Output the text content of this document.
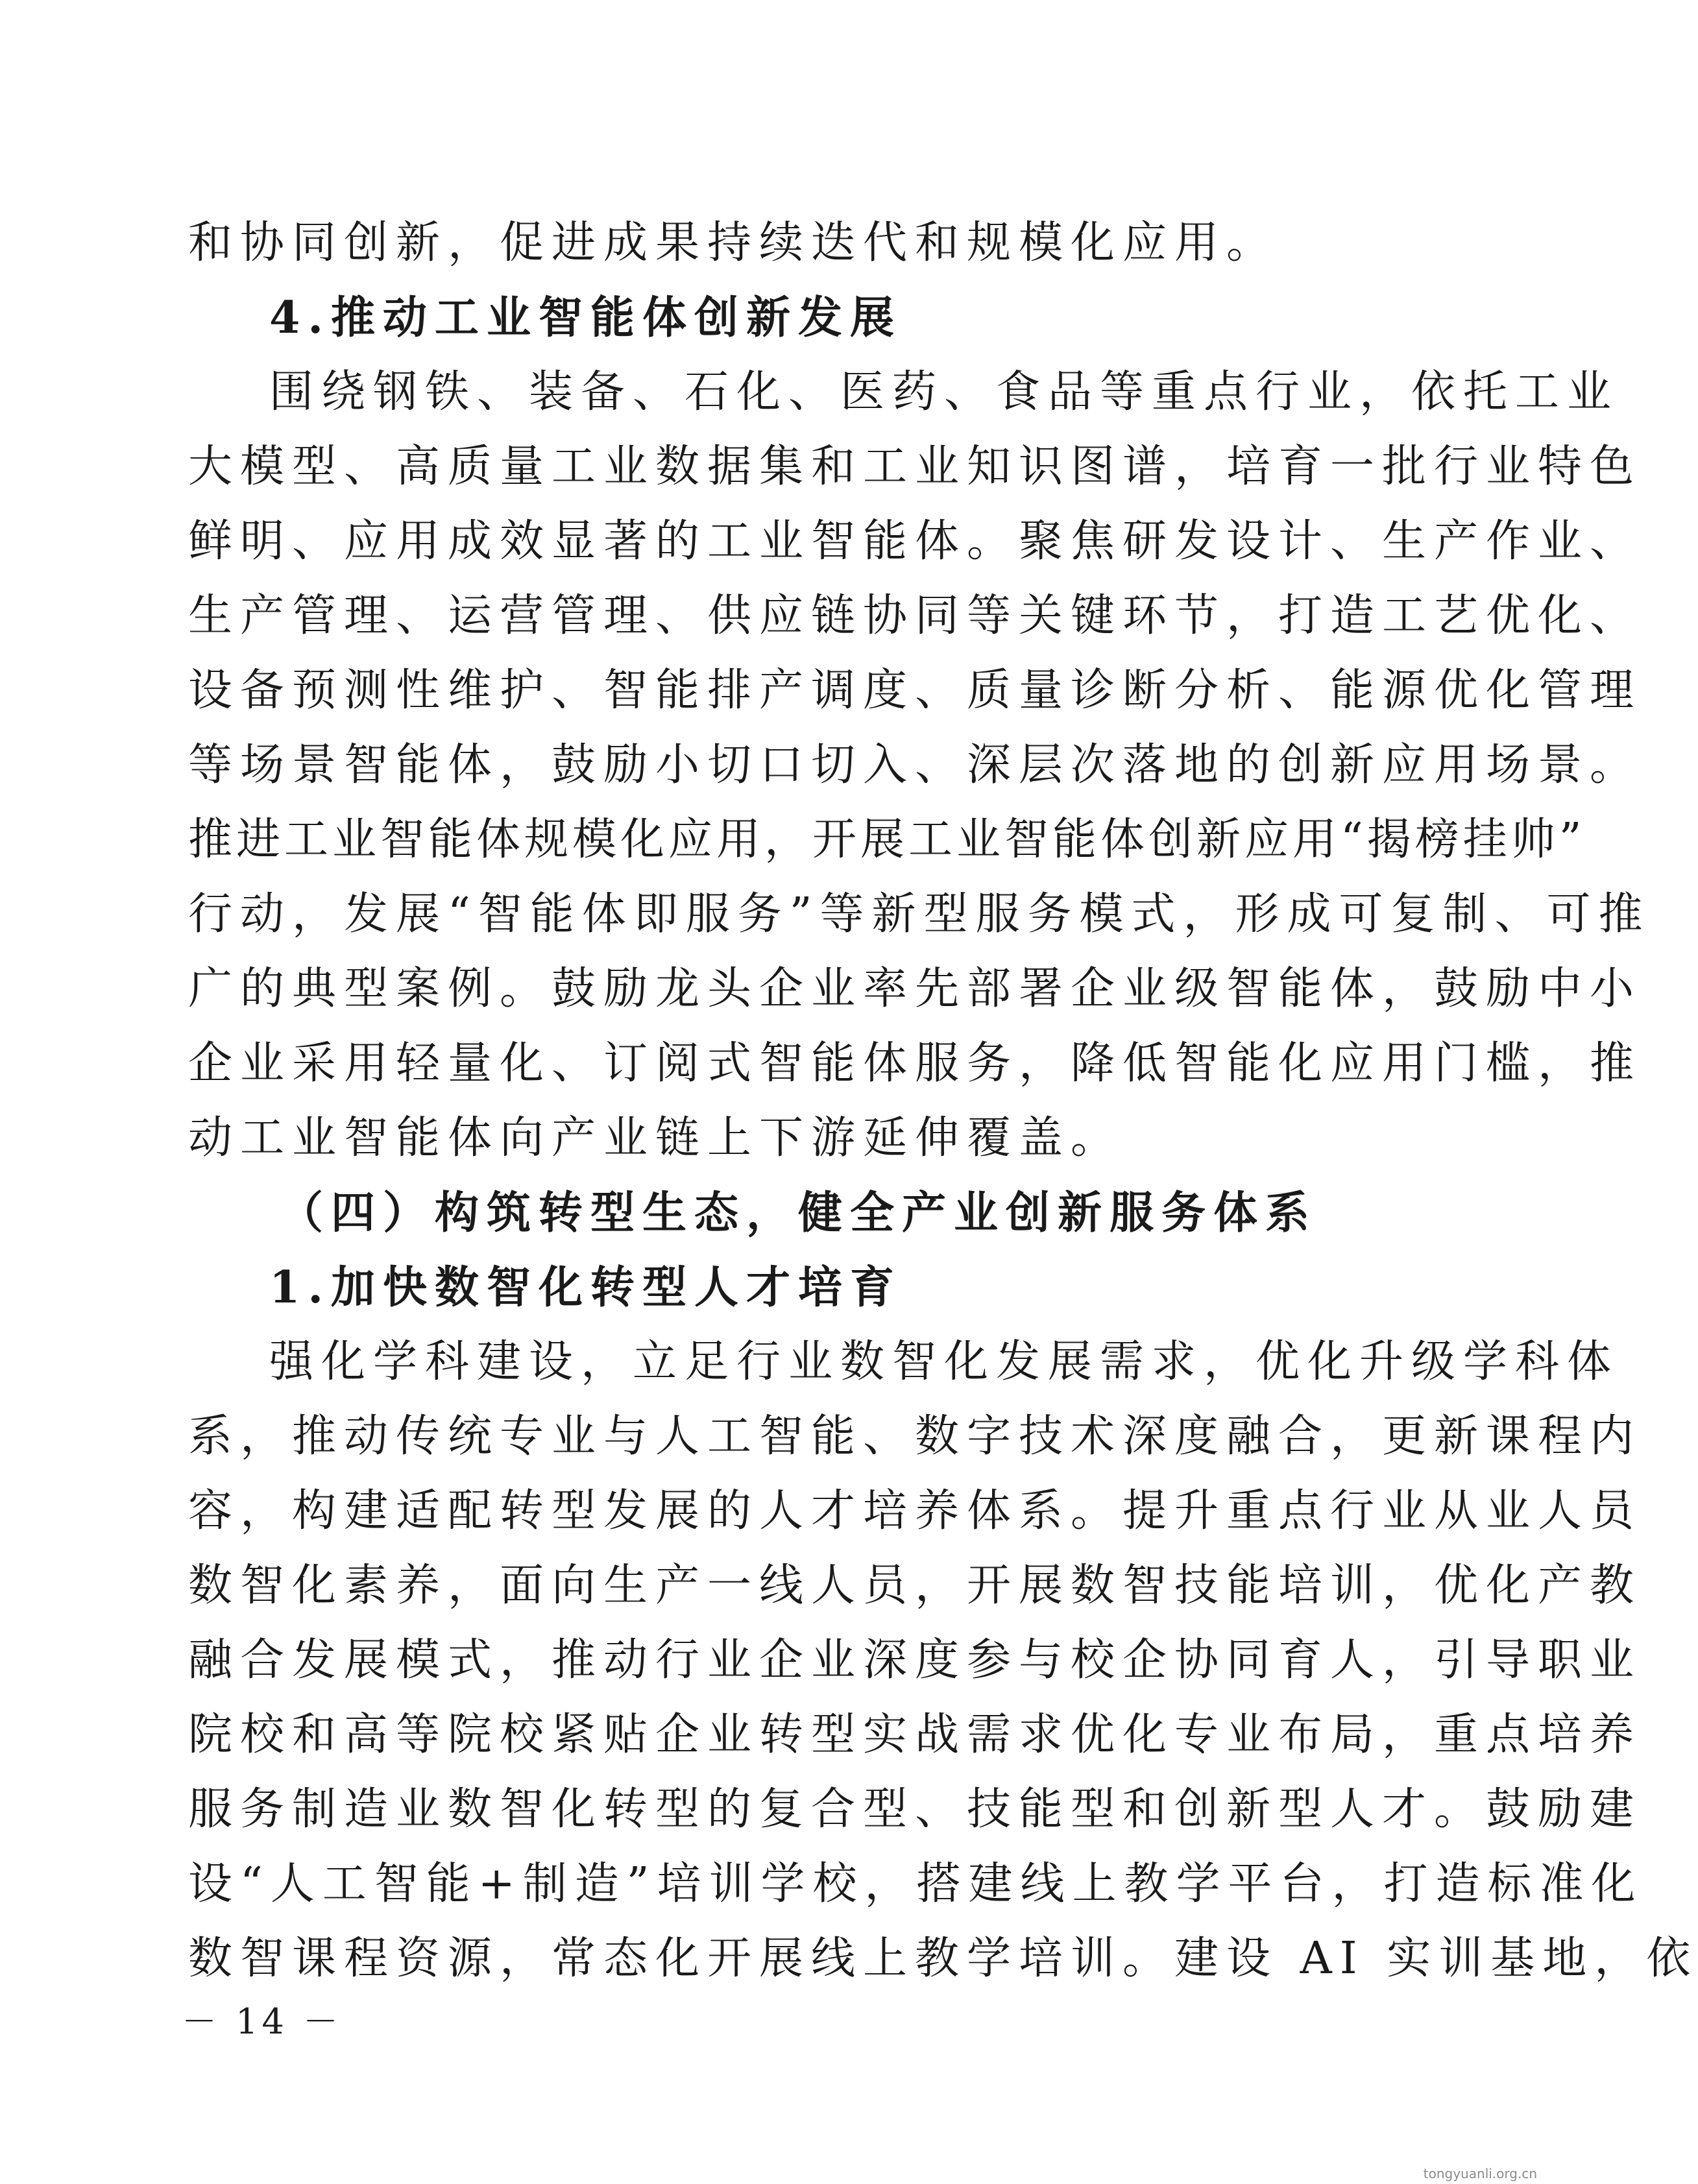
和协同创新，促进成果持续迭代和规模化应用。
4.推动工业智能体创新发展
围绕钢铁、装备、石化、医药、食品等重点行业，依托工业
大模型、高质量工业数据集和工业知识图谱，培育一批行业特色
鲜明、应用成效显著的工业智能体。聚焦研发设计、生产作业、
生产管理、运营管理、供应链协同等关键环节，打造工艺优化、
设备预测性维护、智能排产调度、质量诊断分析、能源优化管理
等场景智能体，鼓励小切口切入、深层次落地的创新应用场景。
推进工业智能体规模化应用，开展工业智能体创新应用“揭榜挂帅”
行动，发展“智能体即服务”等新型服务模式，形成可复制、可推
广的典型案例。鼓励龙头企业率先部署企业级智能体，鼓励中小
企业采用轻量化、订阅式智能体服务，降低智能化应用门槛，推
动工业智能体向产业链上下游延伸覆盖。
（四）构筑转型生态，健全产业创新服务体系
1.加快数智化转型人才培育
强化学科建设，立足行业数智化发展需求，优化升级学科体
系，推动传统专业与人工智能、数字技术深度融合，更新课程内
容，构建适配转型发展的人才培养体系。提升重点行业从业人员
数智化素养，面向生产一线人员，开展数智技能培训，优化产教
融合发展模式，推动行业企业深度参与校企协同育人，引导职业
院校和高等院校紧贴企业转型实战需求优化专业布局，重点培养
服务制造业数智化转型的复合型、技能型和创新型人才。鼓励建
设“人工智能+制造”培训学校，搭建线上教学平台，打造标准化
数智课程资源，常态化开展线上教学培训。建设 AI 实训基地，依
－ 14 －
tongyuanli.org.cn
